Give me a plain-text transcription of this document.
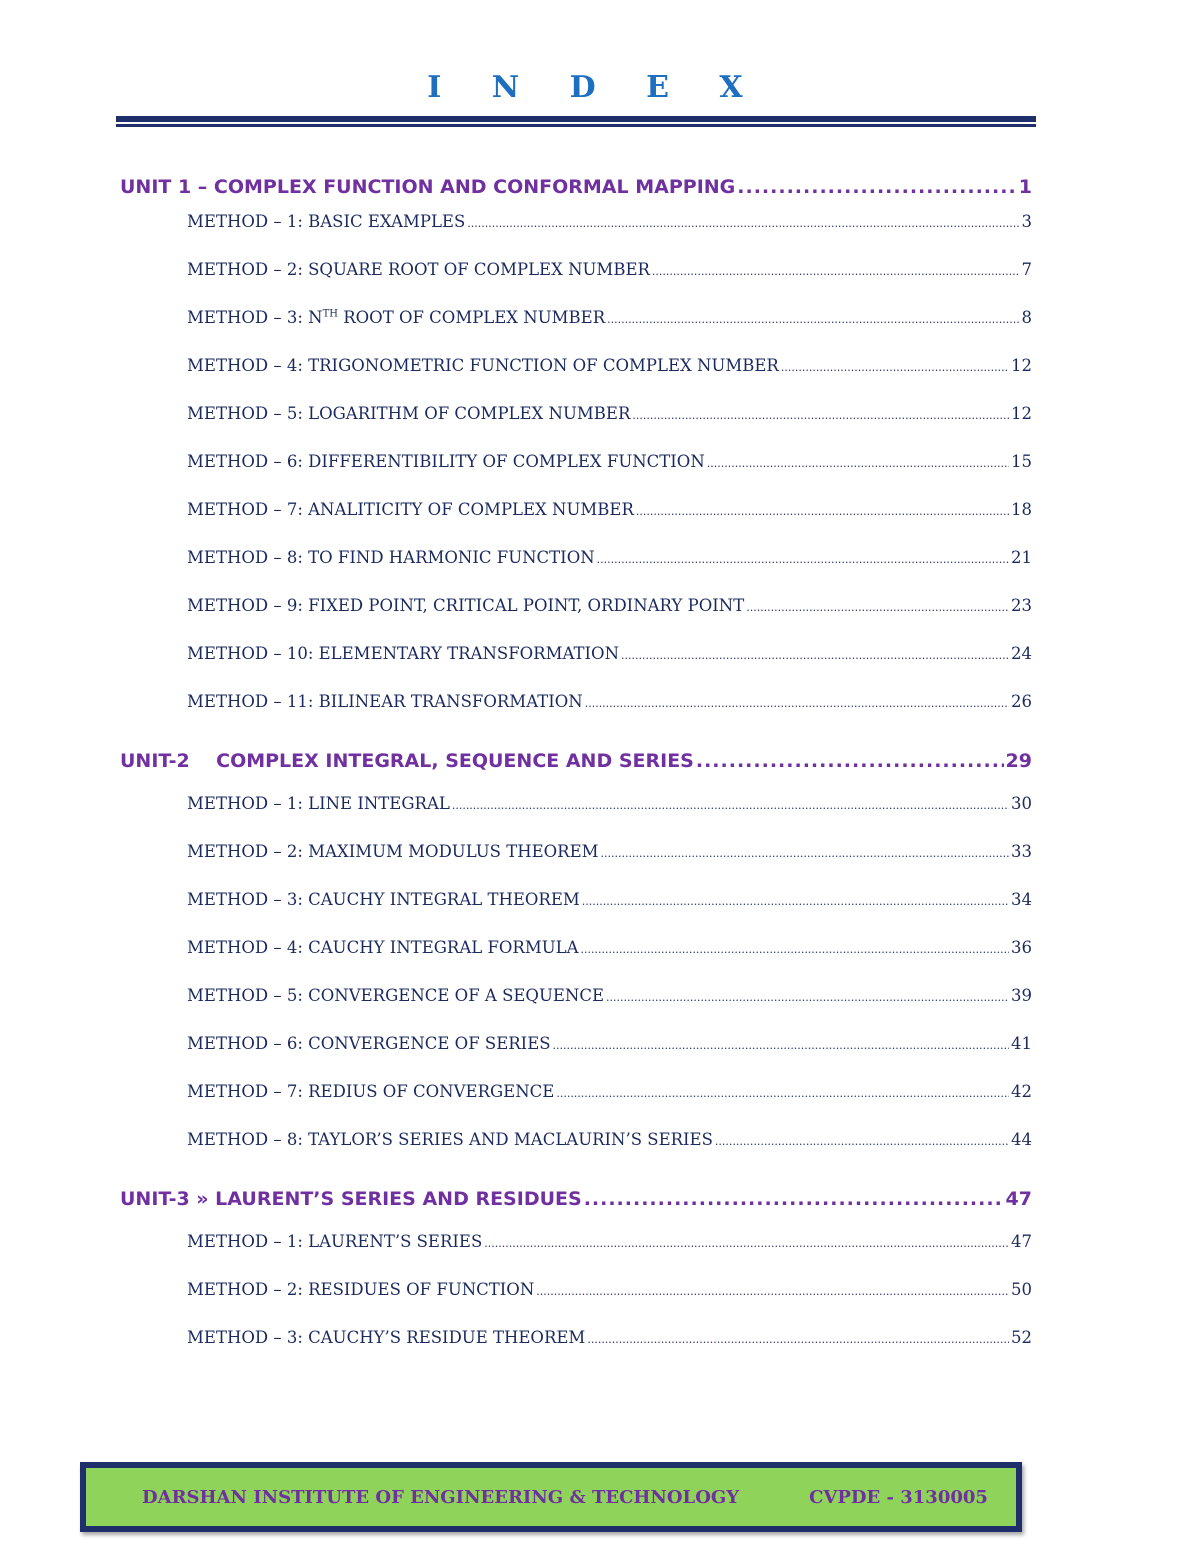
I N D E X
UNIT 1 – COMPLEX FUNCTION AND CONFORMAL MAPPING .....	1
METHOD – 1: BASIC EXAMPLES .....	3
METHOD – 2: SQUARE ROOT OF COMPLEX NUMBER .....	7
METHOD – 3: $N^{TH}$ ROOT OF COMPLEX NUMBER .....	8
METHOD – 4: TRIGONOMETRIC FUNCTION OF COMPLEX NUMBER .....	12
METHOD – 5: LOGARITHM OF COMPLEX NUMBER .....	12
METHOD – 6: DIFFERENTIBILITY OF COMPLEX FUNCTION .....	15
METHOD – 7: ANALITICITY OF COMPLEX NUMBER .....	18
METHOD – 8: TO FIND HARMONIC FUNCTION .....	21
METHOD – 9: FIXED POINT, CRITICAL POINT, ORDINARY POINT .....	23
METHOD – 10: ELEMENTARY TRANSFORMATION .....	24
METHOD – 11: BILINEAR TRANSFORMATION .....	26
UNIT-2    COMPLEX INTEGRAL, SEQUENCE AND SERIES .....	29
METHOD – 1: LINE INTEGRAL .....	30
METHOD – 2: MAXIMUM MODULUS THEOREM .....	33
METHOD – 3: CAUCHY INTEGRAL THEOREM .....	34
METHOD – 4: CAUCHY INTEGRAL FORMULA .....	36
METHOD – 5: CONVERGENCE OF A SEQUENCE .....	39
METHOD – 6: CONVERGENCE OF SERIES .....	41
METHOD – 7: REDIUS OF CONVERGENCE .....	42
METHOD – 8: TAYLOR’S SERIES AND MACLAURIN’S SERIES .....	44
UNIT-3 » LAURENT’S SERIES AND RESIDUES .....	47
METHOD – 1: LAURENT’S SERIES .....	47
METHOD – 2: RESIDUES OF FUNCTION .....	50
METHOD – 3: CAUCHY’S RESIDUE THEOREM .....	52
DARSHAN INSTITUTE OF ENGINEERING & TECHNOLOGY	CVPDE - 3130005
